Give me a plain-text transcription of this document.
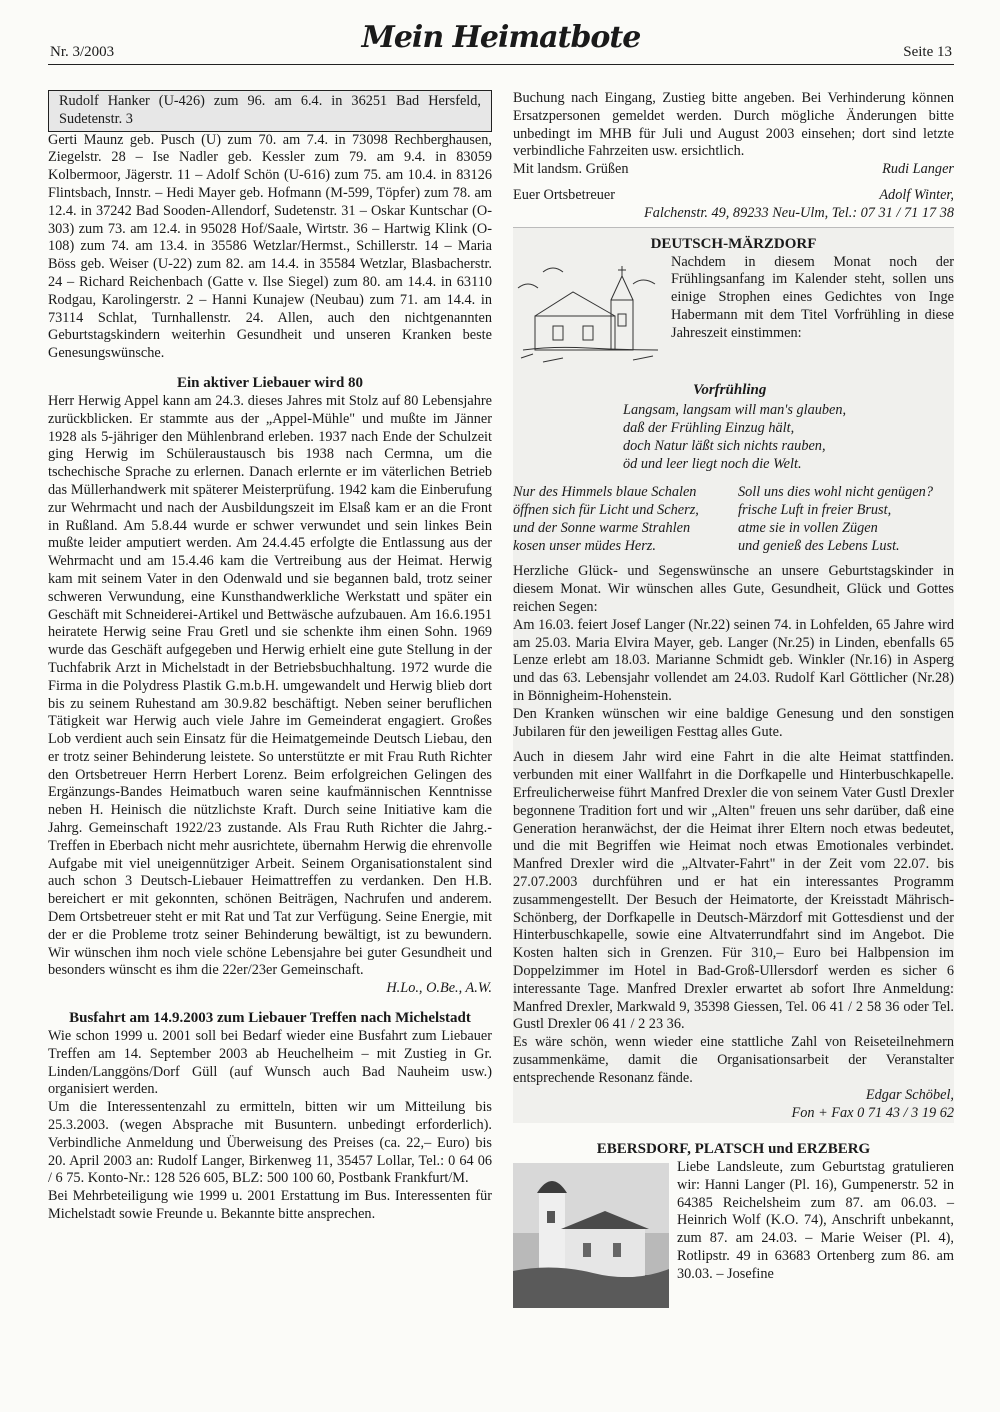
Nr. 3/2003	Mein Heimatbote	Seite 13

Rudolf Hanker (U-426) zum 96. am 6.4. in 36251 Bad Hersfeld, Sudetenstr. 3

Gerti Maunz geb. Pusch (U) zum 70. am 7.4. in 73098 Rechberghausen, Ziegelstr. 28 – Ise Nadler geb. Kessler zum 79. am 9.4. in 83059 Kolbermoor, Jägerstr. 11 – Adolf Schön (U-616) zum 75. am 10.4. in 83126 Flintsbach, Innstr. – Hedi Mayer geb. Hofmann (M-599, Töpfer) zum 78. am 12.4. in 37242 Bad Sooden-Allendorf, Sudetenstr. 31 – Oskar Kuntschar (O-303) zum 73. am 12.4. in 95028 Hof/Saale, Wirtstr. 36 – Hartwig Klink (O-108) zum 74. am 13.4. in 35586 Wetzlar/Hermst., Schillerstr. 14 – Maria Böss geb. Weiser (U-22) zum 82. am 14.4. in 35584 Wetzlar, Blasbacherstr. 24 – Richard Reichenbach (Gatte v. Ilse Siegel) zum 80. am 14.4. in 63110 Rodgau, Karolingerstr. 2 – Hanni Kunajew (Neubau) zum 71. am 14.4. in 73114 Schlat, Turnhallenstr. 24. Allen, auch den nichtgenannten Geburtstagskindern weiterhin Gesundheit und unseren Kranken beste Genesungswünsche.

Ein aktiver Liebauer wird 80

Herr Herwig Appel kann am 24.3. dieses Jahres mit Stolz auf 80 Lebensjahre zurückblicken. Er stammte aus der „Appel-Mühle" und mußte im Jänner 1928 als 5-jähriger den Mühlenbrand erleben. 1937 nach Ende der Schulzeit ging Herwig im Schüleraustausch bis 1938 nach Cermna, um die tschechische Sprache zu erlernen. Danach erlernte er im väterlichen Betrieb das Müllerhandwerk mit späterer Meisterprüfung. 1942 kam die Einberufung zur Wehrmacht und nach der Ausbildungszeit im Elsaß kam er an die Front in Rußland. Am 5.8.44 wurde er schwer verwundet und sein linkes Bein mußte leider amputiert werden. Am 24.4.45 erfolgte die Entlassung aus der Wehrmacht und am 15.4.46 kam die Vertreibung aus der Heimat. Herwig kam mit seinem Vater in den Odenwald und sie begannen bald, trotz seiner schweren Verwundung, eine Kunsthandwerkliche Werkstatt und später ein Geschäft mit Schneiderei-Artikel und Bettwäsche aufzubauen. Am 16.6.1951 heiratete Herwig seine Frau Gretl und sie schenkte ihm einen Sohn. 1969 wurde das Geschäft aufgegeben und Herwig erhielt eine gute Stellung in der Tuchfabrik Arzt in Michelstadt in der Betriebsbuchhaltung. 1972 wurde die Firma in die Polydress Plastik G.m.b.H. umgewandelt und Herwig blieb dort bis zu seinem Ruhestand am 30.9.82 beschäftigt. Neben seiner beruflichen Tätigkeit war Herwig auch viele Jahre im Gemeinderat engagiert. Großes Lob verdient auch sein Einsatz für die Heimatgemeinde Deutsch Liebau, den er trotz seiner Behinderung leistete. So unterstützte er mit Frau Ruth Richter den Ortsbetreuer Herrn Herbert Lorenz. Beim erfolgreichen Gelingen des Ergänzungs-Bandes Heimatbuch waren seine kaufmännischen Kenntnisse neben H. Heinisch die nützlichste Kraft. Durch seine Initiative kam die Jahrg. Gemeinschaft 1922/23 zustande. Als Frau Ruth Richter die Jahrg.-Treffen in Eberbach nicht mehr ausrichtete, übernahm Herwig die ehrenvolle Aufgabe mit viel uneigennütziger Arbeit. Seinem Organisationstalent sind auch schon 3 Deutsch-Liebauer Heimattreffen zu verdanken. Den H.B. bereichert er mit gekonnten, schönen Beiträgen, Nachrufen und anderem. Dem Ortsbetreuer steht er mit Rat und Tat zur Verfügung. Seine Energie, mit der er die Probleme trotz seiner Behinderung bewältigt, ist zu bewundern. Wir wünschen ihm noch viele schöne Lebensjahre bei guter Gesundheit und besonders wünscht es ihm die 22er/23er Gemeinschaft.

H.Lo., O.Be., A.W.

Busfahrt am 14.9.2003 zum Liebauer Treffen nach Michelstadt

Wie schon 1999 u. 2001 soll bei Bedarf wieder eine Busfahrt zum Liebauer Treffen am 14. September 2003 ab Heuchelheim – mit Zustieg in Gr. Linden/Langgöns/Dorf Güll (auf Wunsch auch Bad Nauheim usw.) organisiert werden.

Um die Interessentenzahl zu ermitteln, bitten wir um Mitteilung bis 25.3.2003. (wegen Absprache mit Busuntern. unbedingt erforderlich). Verbindliche Anmeldung und Überweisung des Preises (ca. 22,– Euro) bis 20. April 2003 an: Rudolf Langer, Birkenweg 11, 35457 Lollar, Tel.: 0 64 06 / 6 75. Konto-Nr.: 128 526 605, BLZ: 500 100 60, Postbank Frankfurt/M.

Bei Mehrbeteiligung wie 1999 u. 2001 Erstattung im Bus. Interessenten für Michelstadt sowie Freunde u. Bekannte bitte ansprechen.

Buchung nach Eingang, Zustieg bitte angeben. Bei Verhinderung können Ersatzpersonen gemeldet werden. Durch mögliche Änderungen bitte unbedingt im MHB für Juli und August 2003 einsehen; dort sind letzte verbindliche Fahrzeiten usw. ersichtlich.

Mit landsm. Grüßen	Rudi Langer
Euer Ortsbetreuer	Adolf Winter,

Falchenstr. 49, 89233 Neu-Ulm, Tel.: 07 31 / 71 17 38

DEUTSCH-MÄRZDORF

Nachdem in diesem Monat noch der Frühlingsanfang im Kalender steht, sollen uns einige Strophen eines Gedichtes von Inge Habermann mit dem Titel Vorfrühling in diese Jahreszeit einstimmen:

Vorfrühling
Langsam, langsam will man's glauben,
daß der Frühling Einzug hält,
doch Natur läßt sich nichts rauben,
öd und leer liegt noch die Welt.
Nur des Himmels blaue Schalen
öffnen sich für Licht und Scherz,
und der Sonne warme Strahlen
kosen unser müdes Herz.
Soll uns dies wohl nicht genügen?
frische Luft in freier Brust,
atme sie in vollen Zügen
und genieß des Lebens Lust.

Herzliche Glück- und Segenswünsche an unsere Geburtstagskinder in diesem Monat. Wir wünschen alles Gute, Gesundheit, Glück und Gottes reichen Segen:

Am 16.03. feiert Josef Langer (Nr.22) seinen 74. in Lohfelden, 65 Jahre wird am 25.03. Maria Elvira Mayer, geb. Langer (Nr.25) in Linden, ebenfalls 65 Lenze erlebt am 18.03. Marianne Schmidt geb. Winkler (Nr.16) in Asperg und das 63. Lebensjahr vollendet am 24.03. Rudolf Karl Göttlicher (Nr.28) in Bönnigheim-Hohenstein.

Den Kranken wünschen wir eine baldige Genesung und den sonstigen Jubilaren für den jeweiligen Festtag alles Gute.

Auch in diesem Jahr wird eine Fahrt in die alte Heimat stattfinden. verbunden mit einer Wallfahrt in die Dorfkapelle und Hinterbuschkapelle. Erfreulicherweise führt Manfred Drexler die von seinem Vater Gustl Drexler begonnene Tradition fort und wir „Alten" freuen uns sehr darüber, daß eine Generation heranwächst, der die Heimat ihrer Eltern noch etwas bedeutet, und die mit Begriffen wie Heimat noch etwas Emotionales verbindet. Manfred Drexler wird die „Altvater-Fahrt" in der Zeit vom 22.07. bis 27.07.2003 durchführen und er hat ein interessantes Programm zusammengestellt. Der Besuch der Heimatorte, der Kreisstadt Mährisch-Schönberg, der Dorfkapelle in Deutsch-Märzdorf mit Gottesdienst und der Hinterbuschkapelle, sowie eine Altvaterrundfahrt sind im Angebot. Die Kosten halten sich in Grenzen. Für 310,– Euro bei Halbpension im Doppelzimmer im Hotel in Bad-Groß-Ullersdorf werden es sicher 6 interessante Tage. Manfred Drexler erwartet ab sofort Ihre Anmeldung: Manfred Drexler, Markwald 9, 35398 Giessen, Tel. 06 41 / 2 58 36 oder Tel. Gustl Drexler 06 41 / 2 23 36.

Es wäre schön, wenn wieder eine stattliche Zahl von Reiseteilnehmern zusammenkäme, damit die Organisationsarbeit der Veranstalter entsprechende Resonanz fände.

Edgar Schöbel,

Fon + Fax 0 71 43 / 3 19 62

EBERSDORF, PLATSCH und ERZBERG

Liebe Landsleute, zum Geburtstag gratulieren wir: Hanni Langer (Pl. 16), Gumpenerstr. 52 in 64385 Reichelsheim zum 87. am 06.03. – Heinrich Wolf (K.O. 74), Anschrift unbekannt, zum 87. am 24.03. – Marie Weiser (Pl. 4), Rotlipstr. 49 in 63683 Ortenberg zum 86. am 30.03. – Josefine
